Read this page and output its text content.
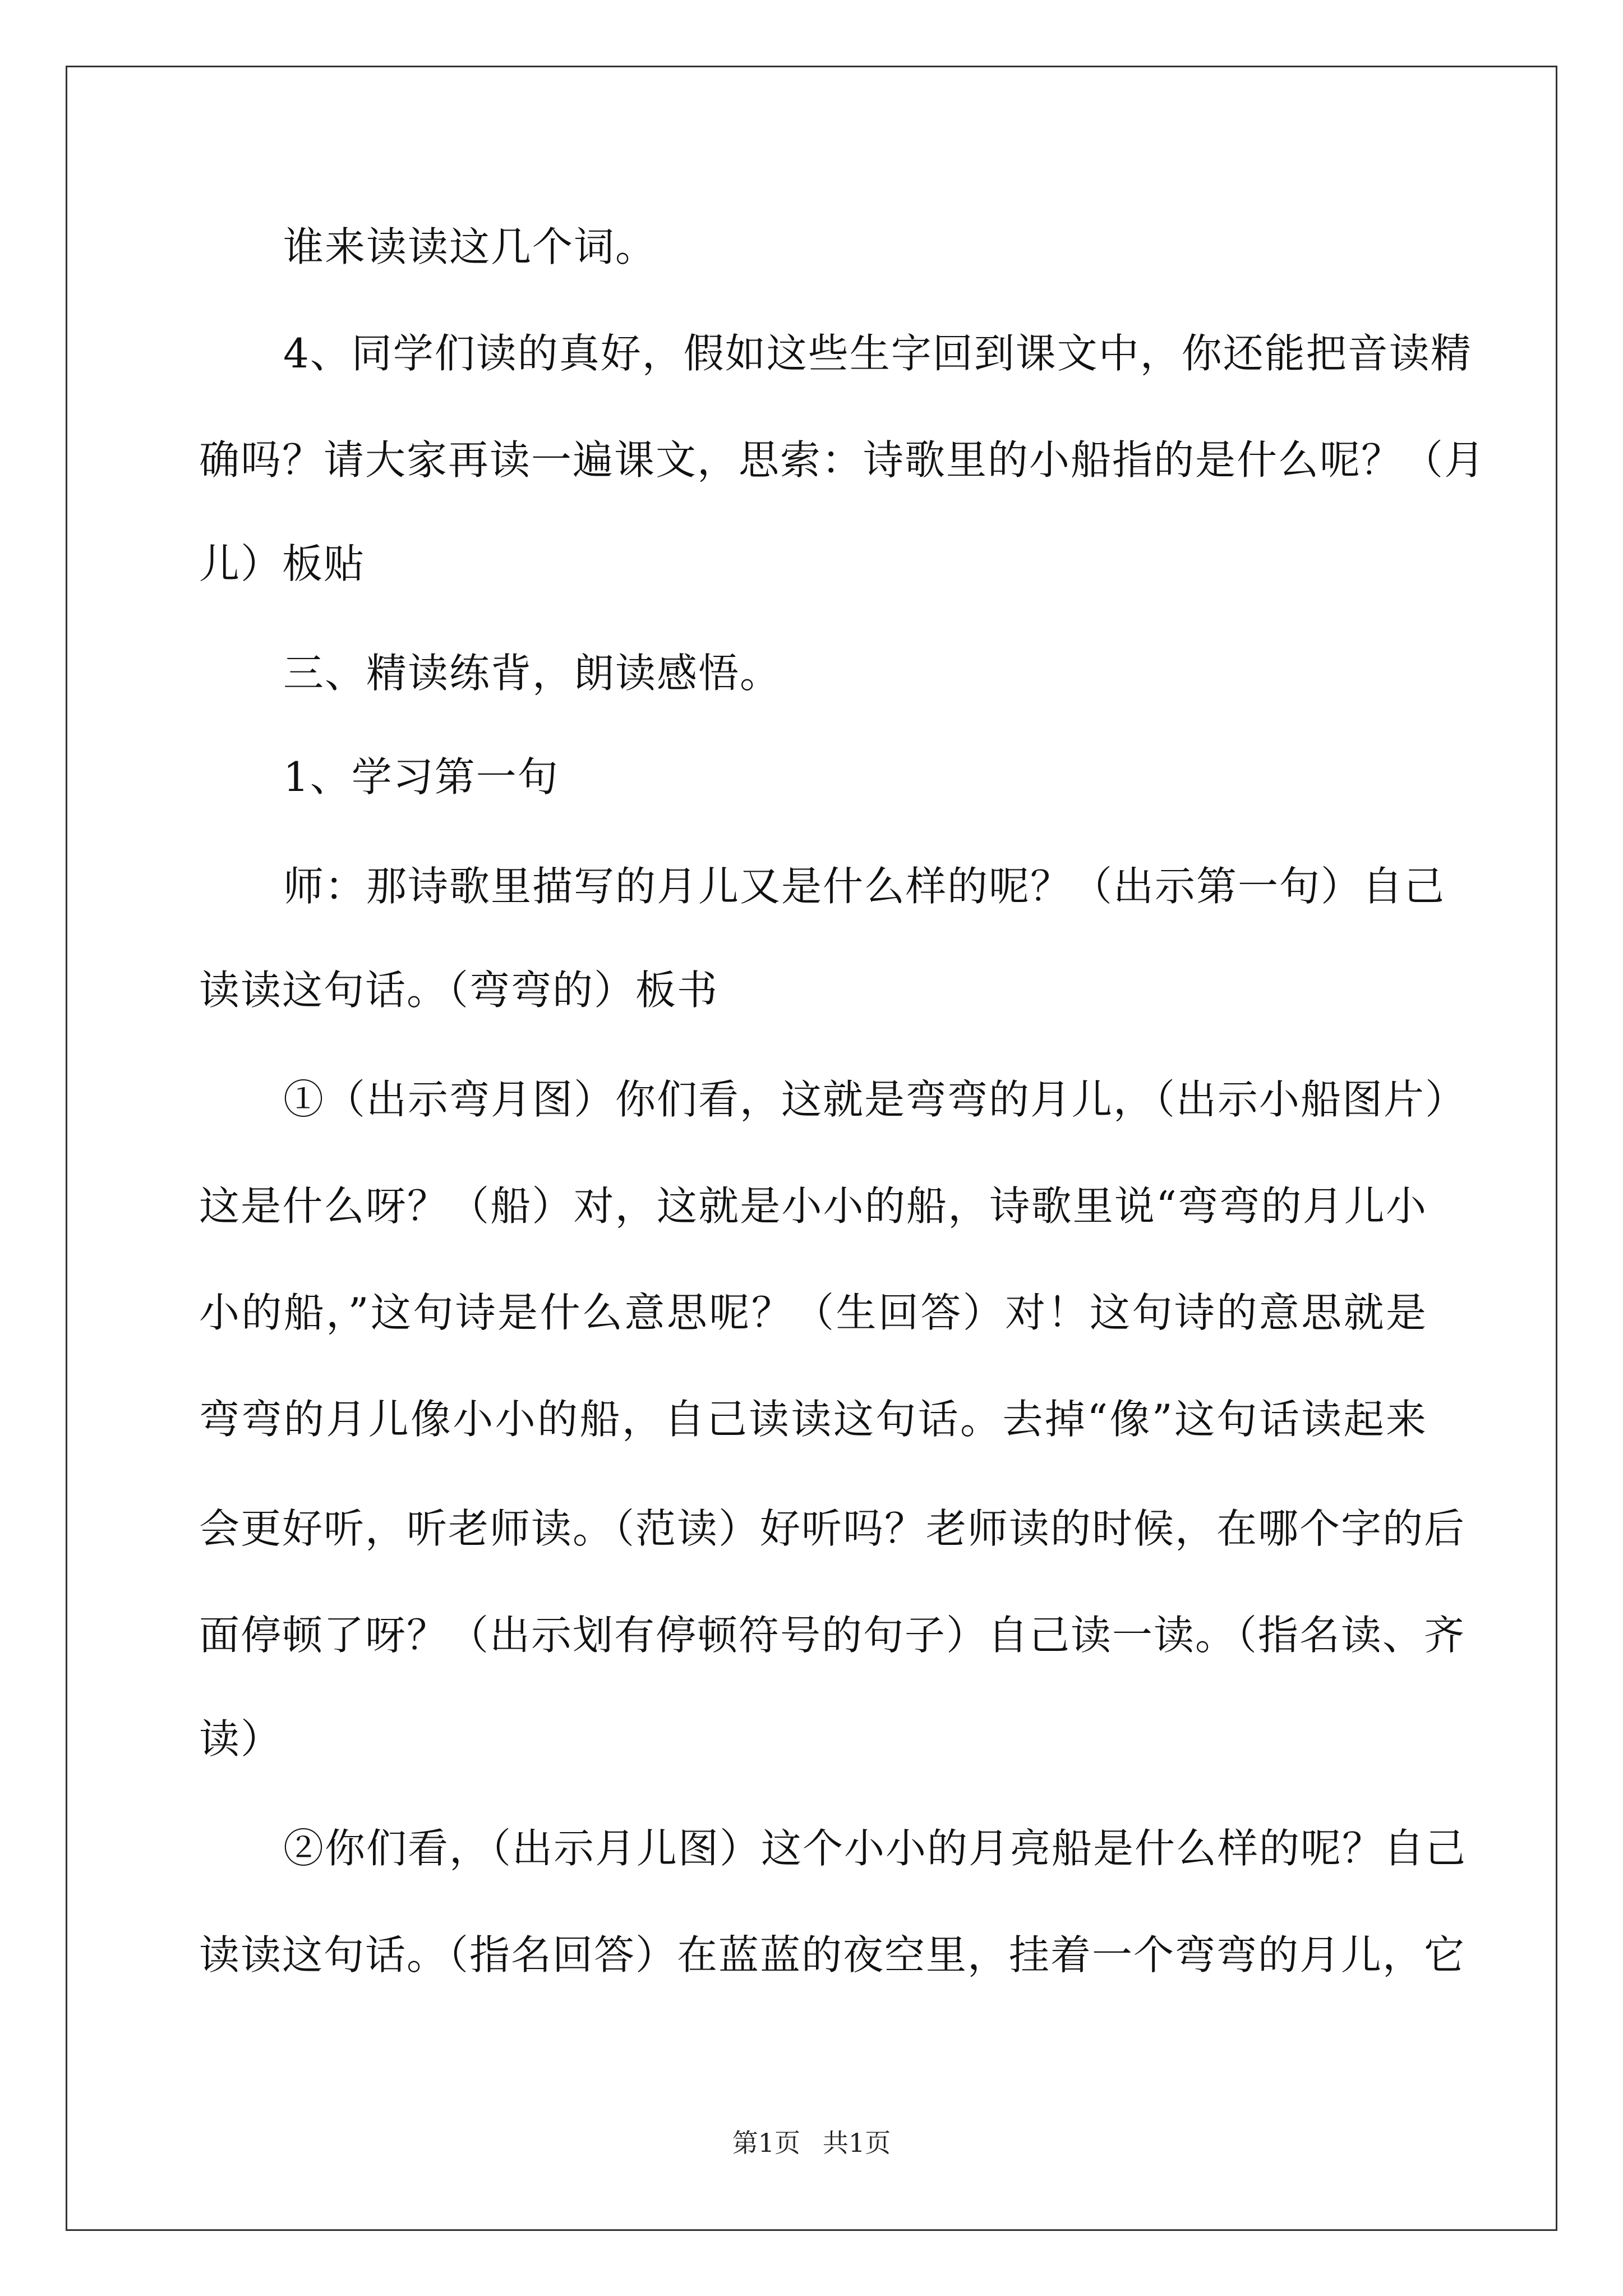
谁来读读这几个词。
4、同学们读的真好，假如这些生字回到课文中，你还能把音读精
确吗？请大家再读一遍课文，思索：诗歌里的小船指的是什么呢？（月
儿）板贴
三、精读练背，朗读感悟。
1、学习第一句
师：那诗歌里描写的月儿又是什么样的呢？（出示第一句）自己
读读这句话。（弯弯的）板书
①（出示弯月图）你们看，这就是弯弯的月儿，（出示小船图片）
这是什么呀？（船）对，这就是小小的船，诗歌里说“弯弯的月儿小
小的船，”这句诗是什么意思呢？（生回答）对！这句诗的意思就是
弯弯的月儿像小小的船，自己读读这句话。去掉“像”这句话读起来
会更好听，听老师读。（范读）好听吗？老师读的时候，在哪个字的后
面停顿了呀？（出示划有停顿符号的句子）自己读一读。（指名读、齐
读）
②你们看，（出示月儿图）这个小小的月亮船是什么样的呢？自己
读读这句话。（指名回答）在蓝蓝的夜空里，挂着一个弯弯的月儿，它
第1页 共1页
